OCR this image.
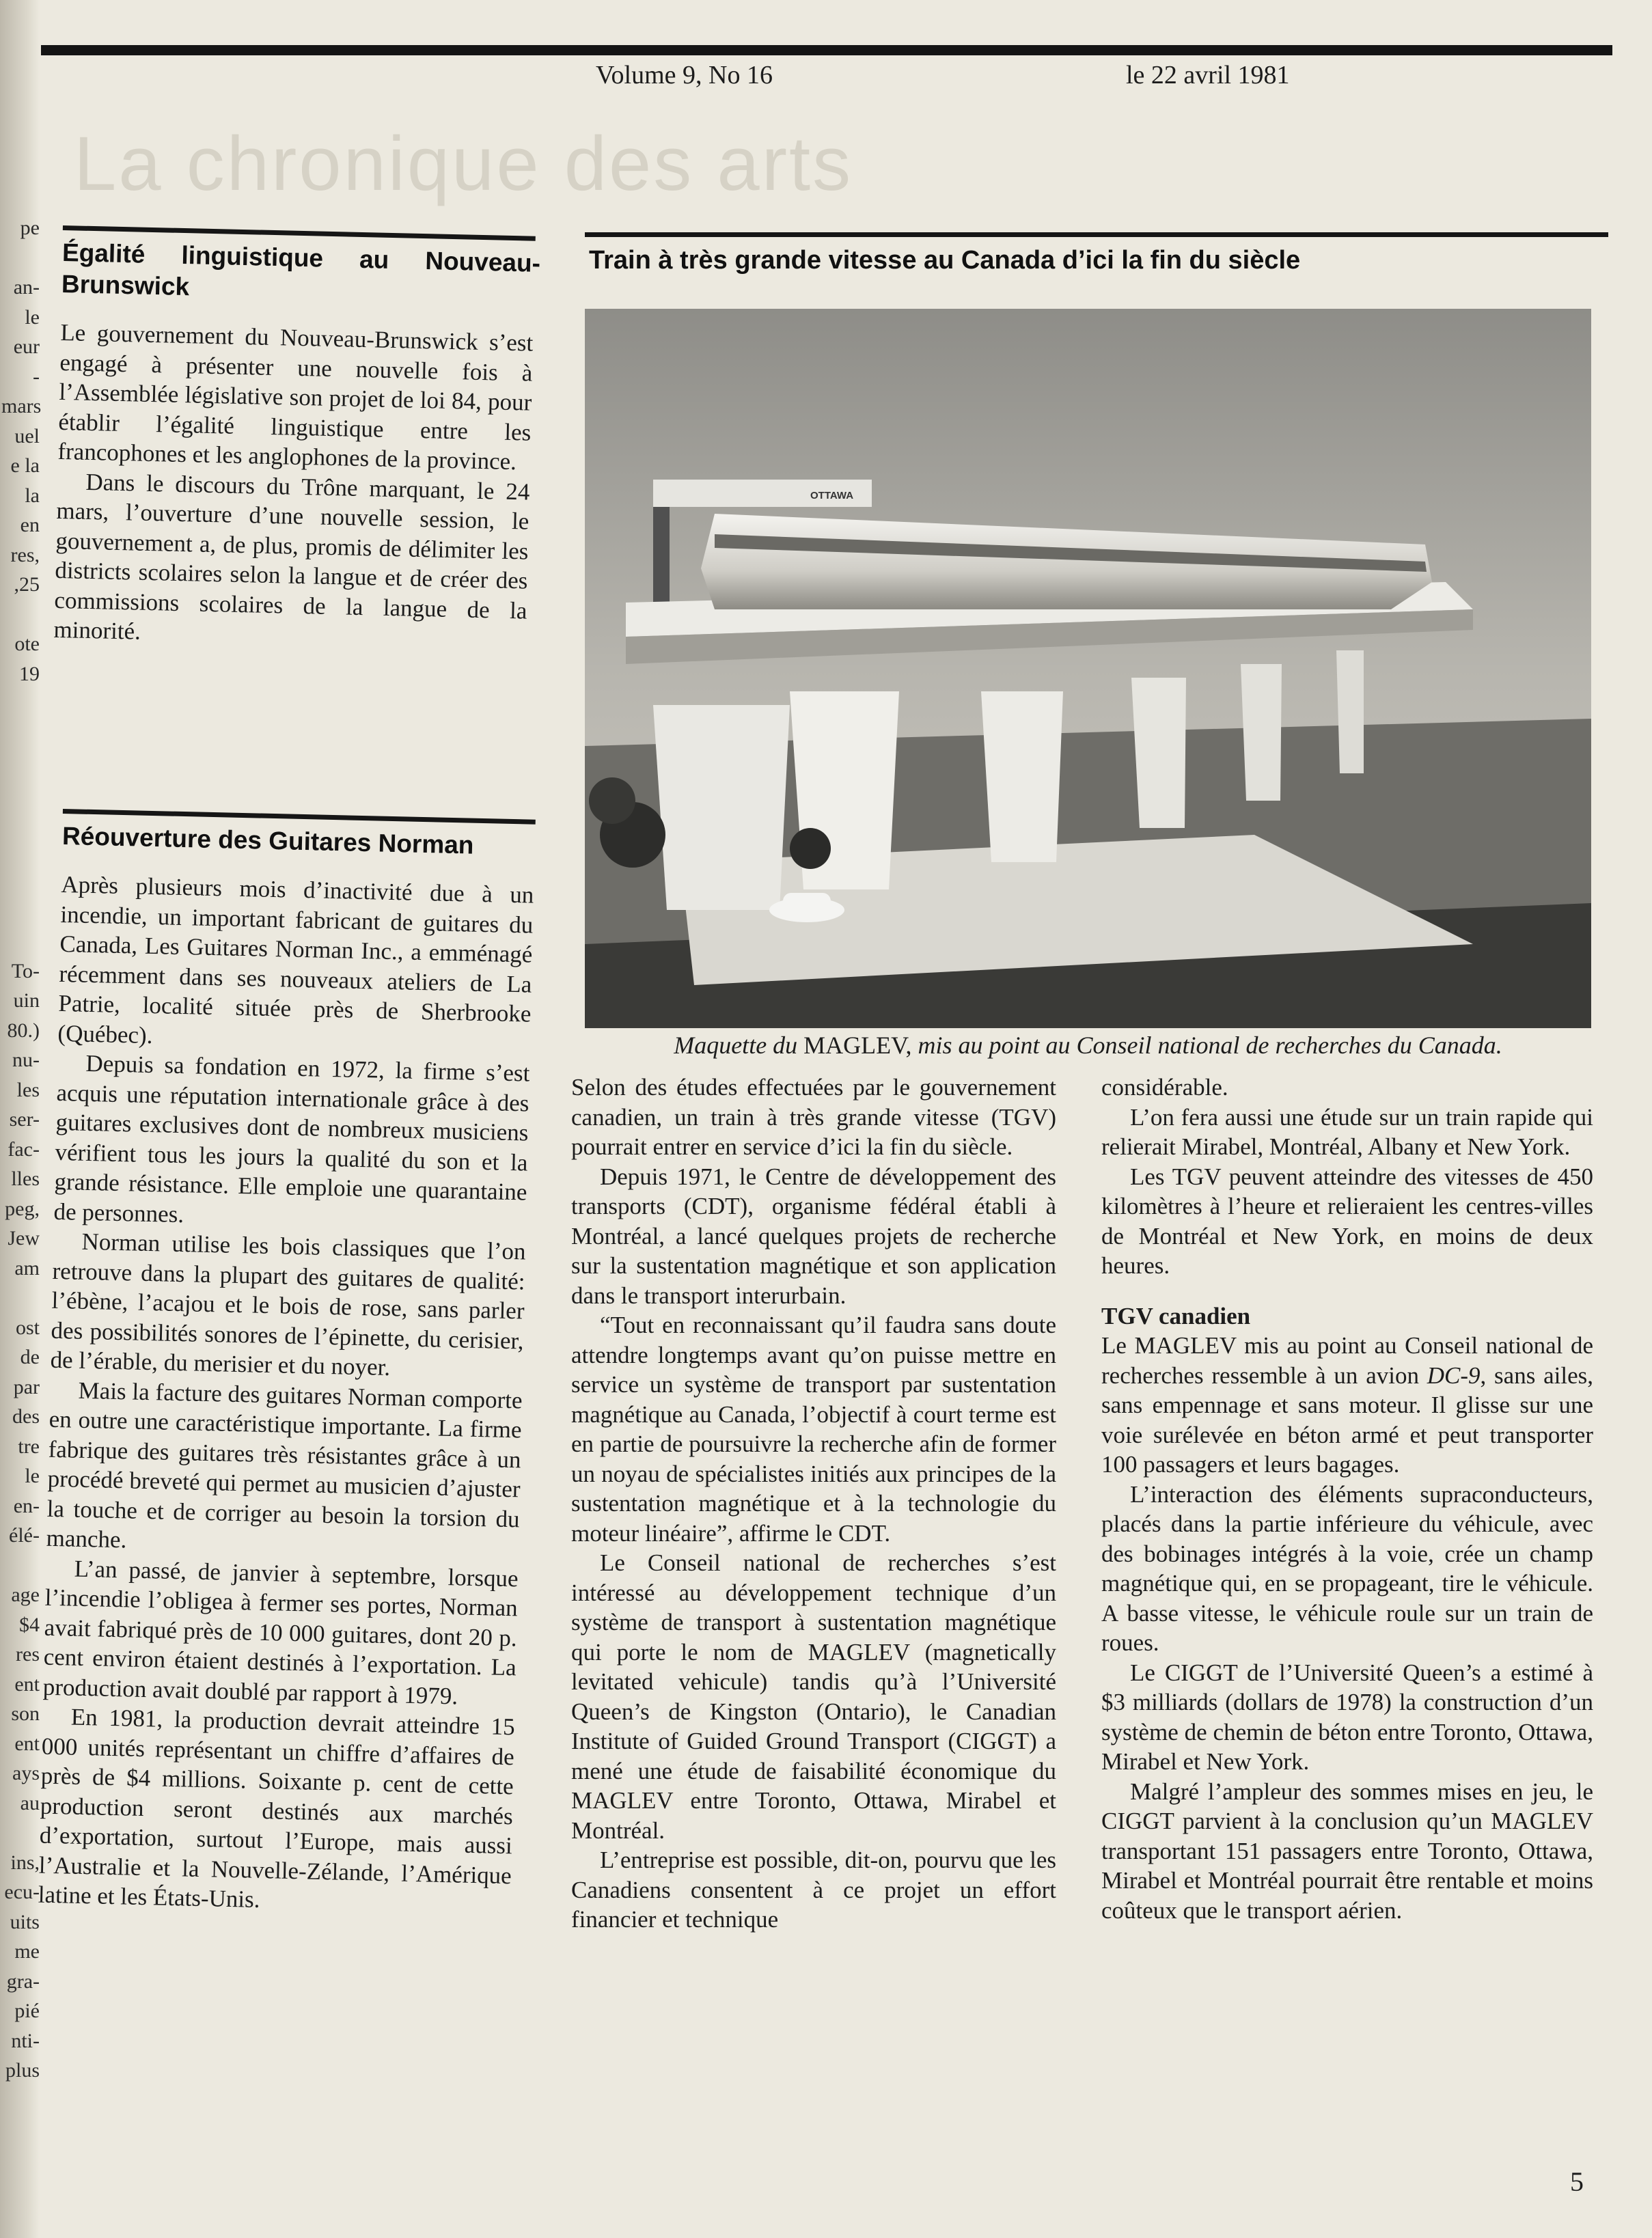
pe
an-
le
eur
-
mars
uel
e la
la
en
res,
,25
ote
19
To-
uin
80.)
nu-
les
ser-
fac-
lles
peg,
Jew
am
ost
de
par
des
tre
le
en-
élé-
age
$4
res
ent
son
ent
ays
au
ins,
ecu-
uits
me
gra-
pié
nti-
plus
Volume 9, No 16	le 22 avril 1981
La chronique des arts
Égalité linguistique au Nouveau-Brunswick

Le gouvernement du Nouveau-Brunswick s’est engagé à présenter une nouvelle fois à l’Assemblée législative son projet de loi 84, pour établir l’égalité linguistique entre les francophones et les anglophones de la province.

Dans le discours du Trône marquant, le 24 mars, l’ouverture d’une nouvelle session, le gouvernement a, de plus, promis de délimiter les districts scolaires selon la langue et de créer des commissions scolaires de la langue de la minorité.

Réouverture des Guitares Norman

Après plusieurs mois d’inactivité due à un incendie, un important fabricant de guitares du Canada, Les Guitares Norman Inc., a emménagé récemment dans ses nouveaux ateliers de La Patrie, localité située près de Sherbrooke (Québec).

Depuis sa fondation en 1972, la firme s’est acquis une réputation internationale grâce à des guitares exclusives dont de nombreux musiciens vérifient tous les jours la qualité du son et la grande résistance. Elle emploie une quarantaine de personnes.

Norman utilise les bois classiques que l’on retrouve dans la plupart des guitares de qualité: l’ébène, l’acajou et le bois de rose, sans parler des possibilités sonores de l’épinette, du cerisier, de l’érable, du merisier et du noyer.

Mais la facture des guitares Norman comporte en outre une caractéristique importante. La firme fabrique des guitares très résistantes grâce à un procédé breveté qui permet au musicien d’ajuster la touche et de corriger au besoin la torsion du manche.

L’an passé, de janvier à septembre, lorsque l’incendie l’obligea à fermer ses portes, Norman avait fabriqué près de 10 000 guitares, dont 20 p. cent environ étaient destinés à l’exportation. La production avait doublé par rapport à 1979.

En 1981, la production devrait atteindre 15 000 unités représentant un chiffre d’affaires de près de $4 millions. Soixante p. cent de cette production seront destinés aux marchés d’exportation, surtout l’Europe, mais aussi l’Australie et la Nouvelle-Zélande, l’Amérique latine et les États-Unis.

Train à très grande vitesse au Canada d’ici la fin du siècle
OTTAWA
Maquette du MAGLEV, mis au point au Conseil national de recherches du Canada.

Selon des études effectuées par le gouvernement canadien, un train à très grande vitesse (TGV) pourrait entrer en service d’ici la fin du siècle.

Depuis 1971, le Centre de développement des transports (CDT), organisme fédéral établi à Montréal, a lancé quelques projets de recherche sur la sustentation magnétique et son application dans le transport interurbain.

“Tout en reconnaissant qu’il faudra sans doute attendre longtemps avant qu’on puisse mettre en service un système de transport par sustentation magnétique au Canada, l’objectif à court terme est en partie de poursuivre la recherche afin de former un noyau de spécialistes initiés aux principes de la sustentation magnétique et à la technologie du moteur linéaire”, affirme le CDT.

Le Conseil national de recherches s’est intéressé au développement technique d’un système de transport à sustentation magnétique qui porte le nom de MAGLEV (magnetically levitated vehicule) tandis qu’à l’Université Queen’s de Kingston (Ontario), le Canadian Institute of Guided Ground Transport (CIGGT) a mené une étude de faisabilité économique du MAGLEV entre Toronto, Ottawa, Mirabel et Montréal.

L’entreprise est possible, dit-on, pourvu que les Canadiens consentent à ce projet un effort financier et technique

considérable.

L’on fera aussi une étude sur un train rapide qui relierait Mirabel, Montréal, Albany et New York.

Les TGV peuvent atteindre des vitesses de 450 kilomètres à l’heure et relieraient les centres-villes de Montréal et New York, en moins de deux heures.

TGV canadien

Le MAGLEV mis au point au Conseil national de recherches ressemble à un avion DC-9, sans ailes, sans empennage et sans moteur. Il glisse sur une voie surélevée en béton armé et peut transporter 100 passagers et leurs bagages.

L’interaction des éléments supraconducteurs, placés dans la partie inférieure du véhicule, avec des bobinages intégrés à la voie, crée un champ magnétique qui, en se propageant, tire le véhicule. A basse vitesse, le véhicule roule sur un train de roues.

Le CIGGT de l’Université Queen’s a estimé à $3 milliards (dollars de 1978) la construction d’un système de chemin de béton entre Toronto, Ottawa, Mirabel et New York.

Malgré l’ampleur des sommes mises en jeu, le CIGGT parvient à la conclusion qu’un MAGLEV transportant 151 passagers entre Toronto, Ottawa, Mirabel et Montréal pourrait être rentable et moins coûteux que le transport aérien.

5
